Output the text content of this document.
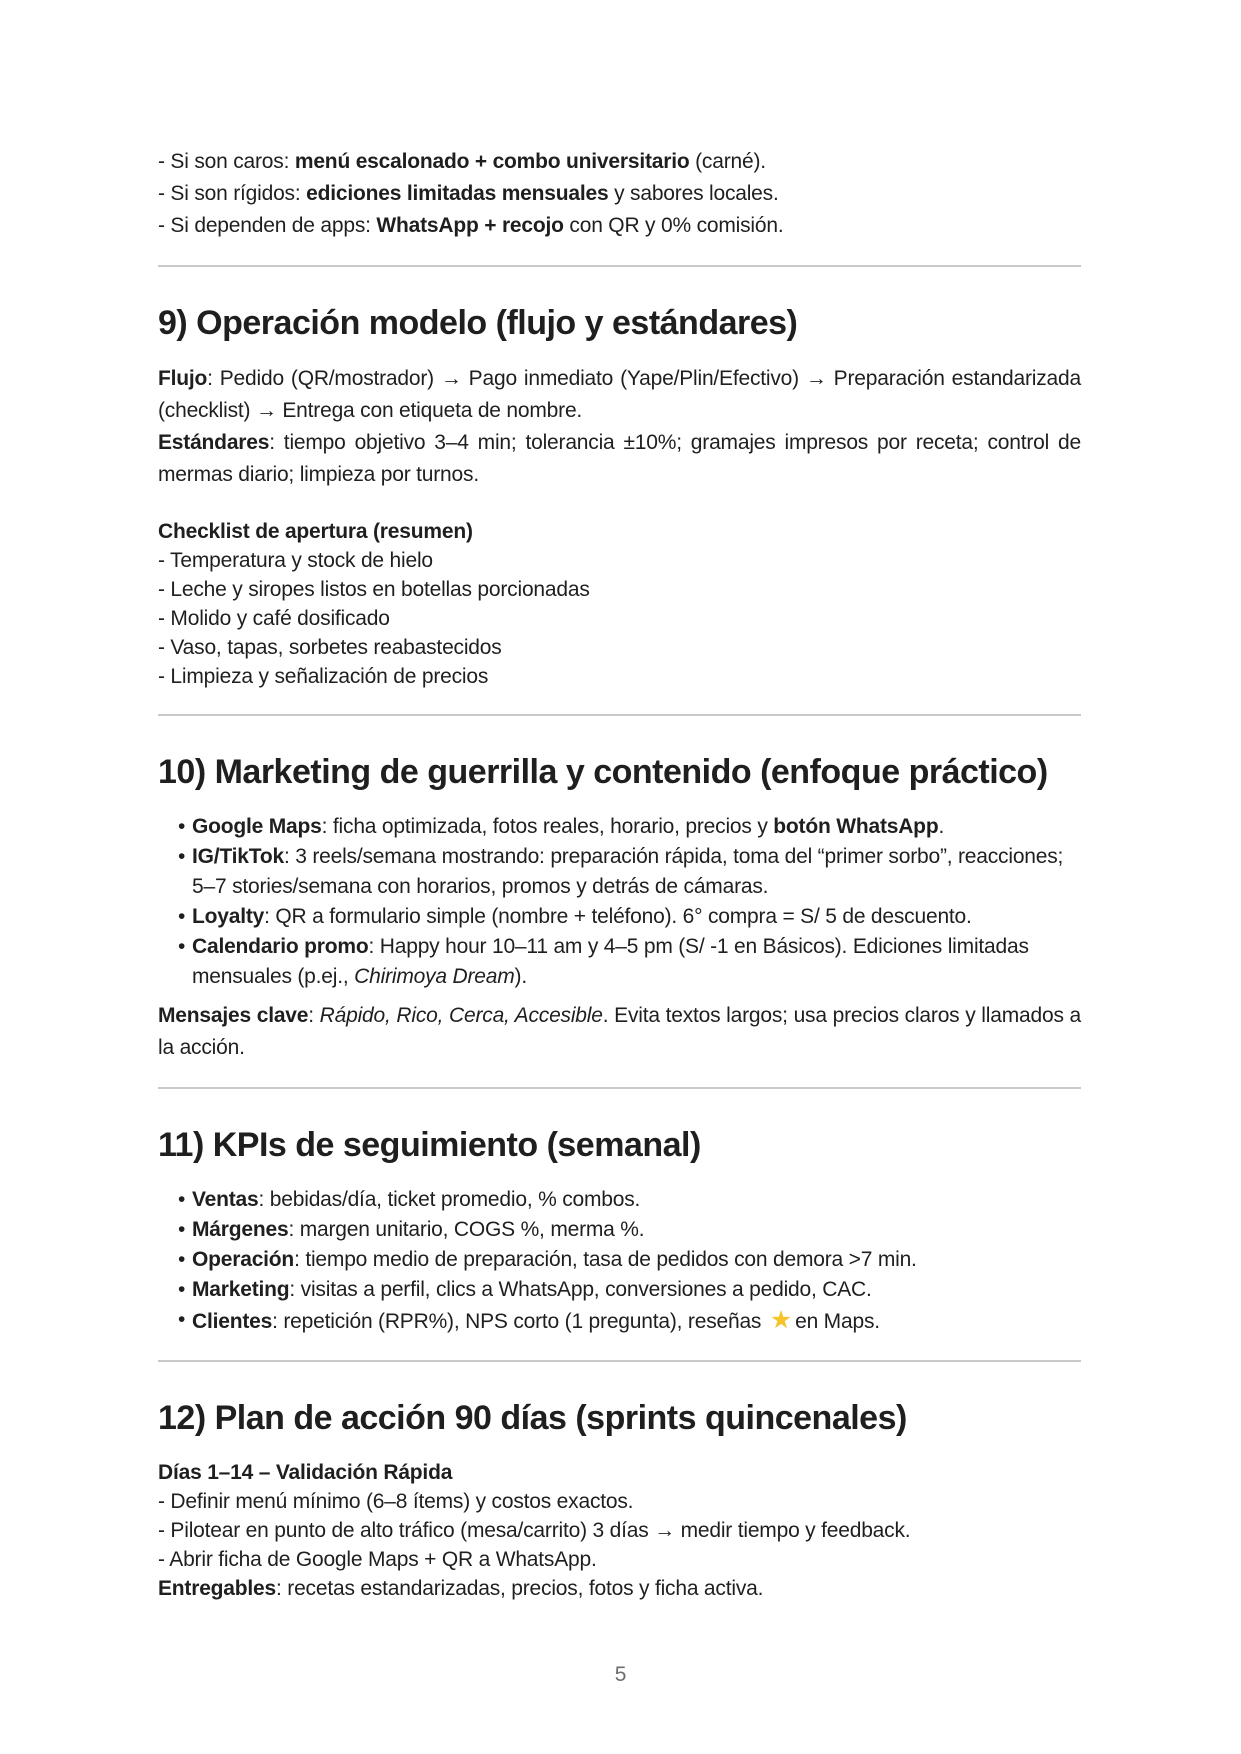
- Si son caros: menú escalonado + combo universitario (carné).

- Si son rígidos: ediciones limitadas mensuales y sabores locales.

- Si dependen de apps: WhatsApp + recojo con QR y 0% comisión.

9) Operación modelo (flujo y estándares)

Flujo: Pedido (QR/mostrador) → Pago inmediato (Yape/Plin/Efectivo) → Preparación estandarizada (checklist) → Entrega con etiqueta de nombre.

Estándares: tiempo objetivo 3–4 min; tolerancia ±10%; gramajes impresos por receta; control de mermas diario; limpieza por turnos.

Checklist de apertura (resumen)

- Temperatura y stock de hielo

- Leche y siropes listos en botellas porcionadas

- Molido y café dosificado

- Vaso, tapas, sorbetes reabastecidos

- Limpieza y señalización de precios

10) Marketing de guerrilla y contenido (enfoque práctico)
• Google Maps: ficha optimizada, fotos reales, horario, precios y botón WhatsApp.
• IG/TikTok: 3 reels/semana mostrando: preparación rápida, toma del “primer sorbo”, reacciones; 5–7 stories/semana con horarios, promos y detrás de cámaras.
• Loyalty: QR a formulario simple (nombre + teléfono). 6° compra = S/ 5 de descuento.
• Calendario promo: Happy hour 10–11 am y 4–5 pm (S/ -1 en Básicos). Ediciones limitadas mensuales (p.ej., Chirimoya Dream).

Mensajes clave: Rápido, Rico, Cerca, Accesible. Evita textos largos; usa precios claros y llamados a la acción.

11) KPIs de seguimiento (semanal)
• Ventas: bebidas/día, ticket promedio, % combos.
• Márgenes: margen unitario, COGS %, merma %.
• Operación: tiempo medio de preparación, tasa de pedidos con demora >7 min.
• Marketing: visitas a perfil, clics a WhatsApp, conversiones a pedido, CAC.
• Clientes: repetición (RPR%), NPS corto (1 pregunta), reseñas ★ en Maps.
12) Plan de acción 90 días (sprints quincenales)

Días 1–14 – Validación Rápida

- Definir menú mínimo (6–8 ítems) y costos exactos.

- Pilotear en punto de alto tráfico (mesa/carrito) 3 días → medir tiempo y feedback.

- Abrir ficha de Google Maps + QR a WhatsApp.

Entregables: recetas estandarizadas, precios, fotos y ficha activa.

5
